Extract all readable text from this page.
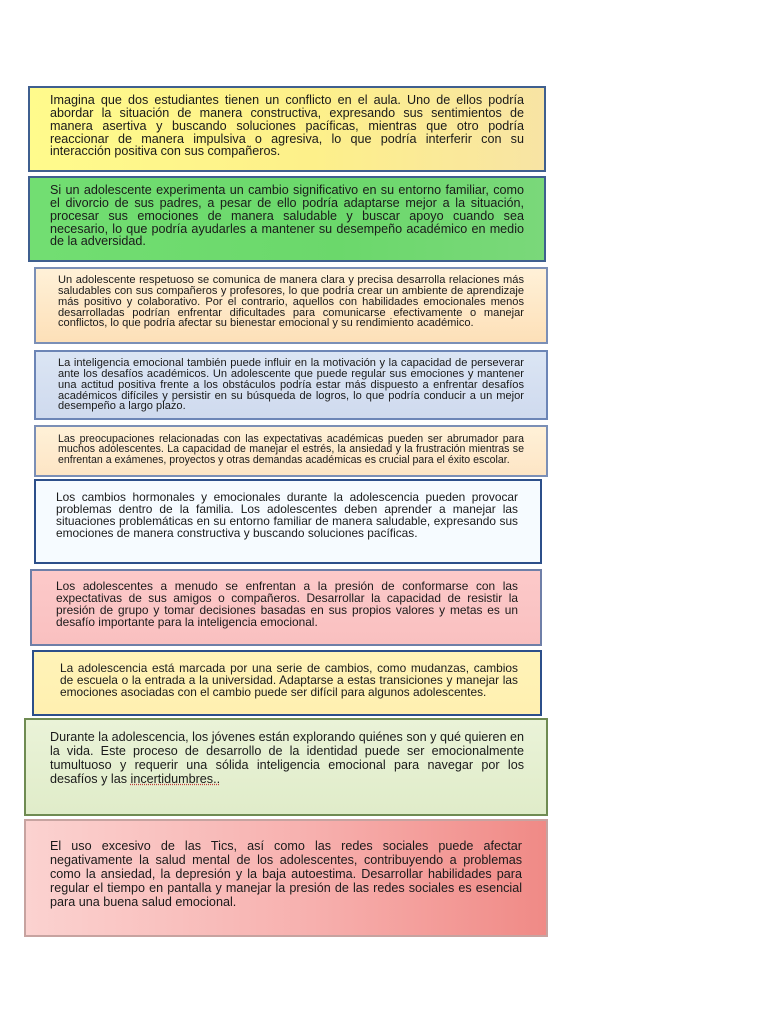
Imagina que dos estudiantes tienen un conflicto en el aula. Uno de ellos podría abordar la situación de manera constructiva, expresando sus sentimientos de manera asertiva y buscando soluciones pacíficas, mientras que otro podría reaccionar de manera impulsiva o agresiva, lo que podría interferir con su interacción positiva con sus compañeros.

Si un adolescente experimenta un cambio significativo en su entorno familiar, como el divorcio de sus padres, a pesar de ello podría adaptarse mejor a la situación, procesar sus emociones de manera saludable y buscar apoyo cuando sea necesario, lo que podría ayudarles a mantener su desempeño académico en medio de la adversidad.

Un adolescente respetuoso se comunica de manera clara y precisa desarrolla relaciones más saludables con sus compañeros y profesores, lo que podría crear un ambiente de aprendizaje más positivo y colaborativo. Por el contrario, aquellos con habilidades emocionales menos desarrolladas podrían enfrentar dificultades para comunicarse efectivamente o manejar conflictos, lo que podría afectar su bienestar emocional y su rendimiento académico.

La inteligencia emocional también puede influir en la motivación y la capacidad de perseverar ante los desafíos académicos. Un adolescente que puede regular sus emociones y mantener una actitud positiva frente a los obstáculos podría estar más dispuesto a enfrentar desafíos académicos difíciles y persistir en su búsqueda de logros, lo que podría conducir a un mejor desempeño a largo plazo.

Las preocupaciones relacionadas con las expectativas académicas pueden ser abrumador para muchos adolescentes. La capacidad de manejar el estrés, la ansiedad y la frustración mientras se enfrentan a exámenes, proyectos y otras demandas académicas es crucial para el éxito escolar.

Los cambios hormonales y emocionales durante la adolescencia pueden provocar problemas dentro de la familia. Los adolescentes deben aprender a manejar las situaciones problemáticas en su entorno familiar de manera saludable, expresando sus emociones de manera constructiva y buscando soluciones pacíficas.

Los adolescentes a menudo se enfrentan a la presión de conformarse con las expectativas de sus amigos o compañeros. Desarrollar la capacidad de resistir la presión de grupo y tomar decisiones basadas en sus propios valores y metas es un desafío importante para la inteligencia emocional.

La adolescencia está marcada por una serie de cambios, como mudanzas, cambios de escuela o la entrada a la universidad. Adaptarse a estas transiciones y manejar las emociones asociadas con el cambio puede ser difícil para algunos adolescentes.

Durante la adolescencia, los jóvenes están explorando quiénes son y qué quieren en la vida. Este proceso de desarrollo de la identidad puede ser emocionalmente tumultuoso y requerir una sólida inteligencia emocional para navegar por los desafíos y las incertidumbres..

El uso excesivo de las Tics, así como las redes sociales puede afectar negativamente la salud mental de los adolescentes, contribuyendo a problemas como la ansiedad, la depresión y la baja autoestima. Desarrollar habilidades para regular el tiempo en pantalla y manejar la presión de las redes sociales es esencial para una buena salud emocional.
